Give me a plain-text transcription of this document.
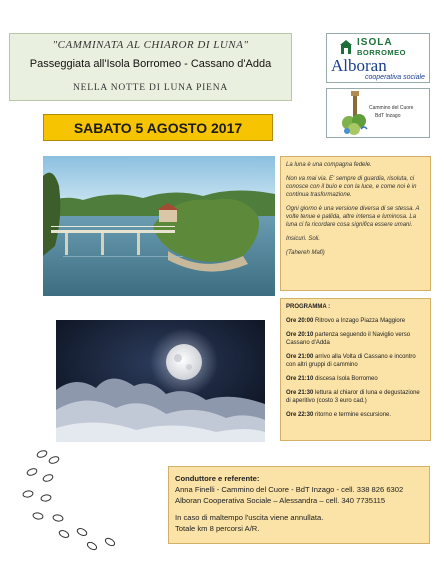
"CAMMINATA AL CHIAROR DI LUNA"
Passeggiata all'Isola Borromeo - Cassano d'Adda
NELLA NOTTE DI LUNA PIENA
ISOLA
BORROMEO
Alboran
cooperativa sociale
Cammino del Cuore
BdT Inzago
SABATO 5 AGOSTO 2017

La luna è una compagna fedele.

Non va mai via. E' sempre di guardia, risoluta, ci conosce con il buio e con la luce, e come noi è in continua trasformazione.

Ogni giorno è una versione diversa di se stessa. A volte tenue e pallida, altre intensa e luminosa. La luna ci fa ricordare cosa significa essere umani.

Insicuri. Soli.

(Tahereh Mafi)

PROGRAMMA :
Ore 20:00 Ritrovo a Inzago Piazza Maggiore
Ore 20:10 partenza seguendo il Naviglio verso Cassano d'Adda
Ore 21:00 arrivo alla Volta di Cassano e incontro con altri gruppi di cammino
Ore 21:10 discesa Isola Borromeo
Ore 21:30 lettura al chiaror di luna e degustazione di aperitivo (costo 3 euro cad.)
Ore 22:30 ritorno e termine escursione.
Conduttore e referente:
Anna Finelli - Cammino del Cuore - BdT Inzago - cell. 338 826 6302
Alboran Cooperativa Sociale – Alessandra – cell. 340 7735115
In caso di maltempo l'uscita viene annullata.
Totale km 8 percorsi A/R.
